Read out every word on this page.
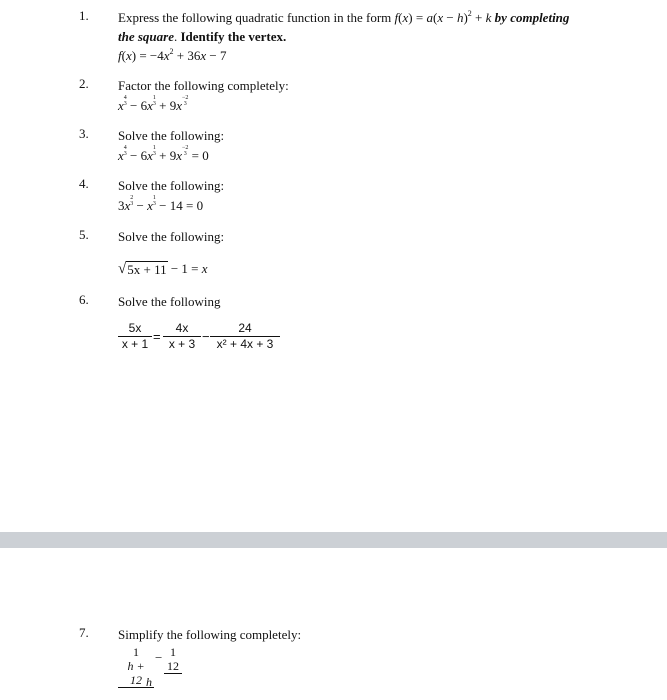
1. Express the following quadratic function in the form $f(x) = a(x - h)^2 + k$ by completing
the square. Identify the vertex.
$f(x) = -4x^2 + 36x - 7$
2. Factor the following completely:
x 4
3 − 6x 1
3 + 9x −2
3
3. Solve the following:
x 4
3 − 6x 1
3 + 9x −2
3 = 0
4. Solve the following:
3x 2
3 − x 1
3 − 14 = 0
5. Solve the following:
√ 5x + 11 − 1 = x
6. Solve the following
5x
x + 1 =
4x
x + 3 −
24
x² + 4x + 3
7. Simplify the following completely:
1
h + 12
− 1
12
h
